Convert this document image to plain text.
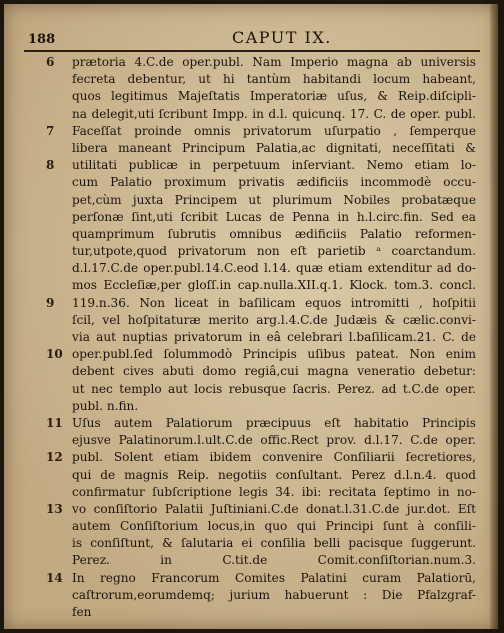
188	CAPUT IX.
6	prætoria 4.C.de oper.publ. Nam Imperio magna ab universis
fecreta debentur, ut hi tantùm habitandi locum habeant,
quos legitimus Majeſtatis Imperatoriæ uſus, & Reip.diſcipli-
na delegit,uti ſcribunt Impp. in d.l. quicunq. 17. C. de oper. publ.
7	Faceſſat proinde omnis privatorum uſurpatio , ſemperque
libera maneant Principum Palatia,ac dignitati, neceſſitati &
8	utilitati publicæ in perpetuum inſerviant. Nemo etiam lo-
cum Palatio proximum privatis ædificiis incommodè occu-
pet,cùm juxta Principem ut plurimum Nobiles probatæque
perſonæ ſint,uti ſcribit Lucas de Penna in h.l.circ.fin. Sed ea
quamprimum ſubrutis omnibus ædificiis Palatio reformen-
tur,utpote,quod privatorum non eſt parietib ᵃ coarctandum.
d.l.17.C.de oper.publ.14.C.eod l.14. quæ etiam extenditur ad do-
mos Eccleſiæ,per gloſſ.in cap.nulla.XII.q.1. Klock. tom.3. concl.
9	119.n.36. Non liceat in baſilicam equos intromitti , hoſpitii
ſcil, vel hoſpitaturæ merito arg.l.4.C.de Judæis & cælic.convi-
via aut nuptias privatorum in eâ celebrari l.baſilicam.21. C. de
10 oper.publ.ſed ſolummodò Principis uſibus pateat. Non enim
debent cives abuti domo regiâ,cui magna veneratio debetur:
ut nec templo aut locis rebusque ſacris. Perez. ad t.C.de oper.
publ. n.fin.
11 Uſus autem Palatiorum præcipuus eſt habitatio Principis
ejusve Palatinorum.l.ult.C.de offic.Rect prov. d.l.17. C.de oper.
12 publ. Solent etiam ibidem convenire Conſiliarii ſecretiores,
qui de magnis Reip. negotiis conſultant. Perez d.l.n.4. quod
confirmatur ſubſcriptione legis 34. ibi: recitata ſeptimo in no-
13 vo conſiſtorio Palatii Juſtiniani.C.de donat.l.31.C.de jur.dot. Eſt
autem Conſiſtorium locus,in quo qui Principi ſunt à conſili-
is conſiſtunt, & ſalutaria ei conſilia belli pacisque ſuggerunt.
Perez. in C.tit.de Comit.conſiſtorian.num.3.
14 In regno Francorum Comites Palatini curam Palatiorū,
caſtrorum,eorumdemq; jurium habuerunt : Die Pfalzgraf-
fen
